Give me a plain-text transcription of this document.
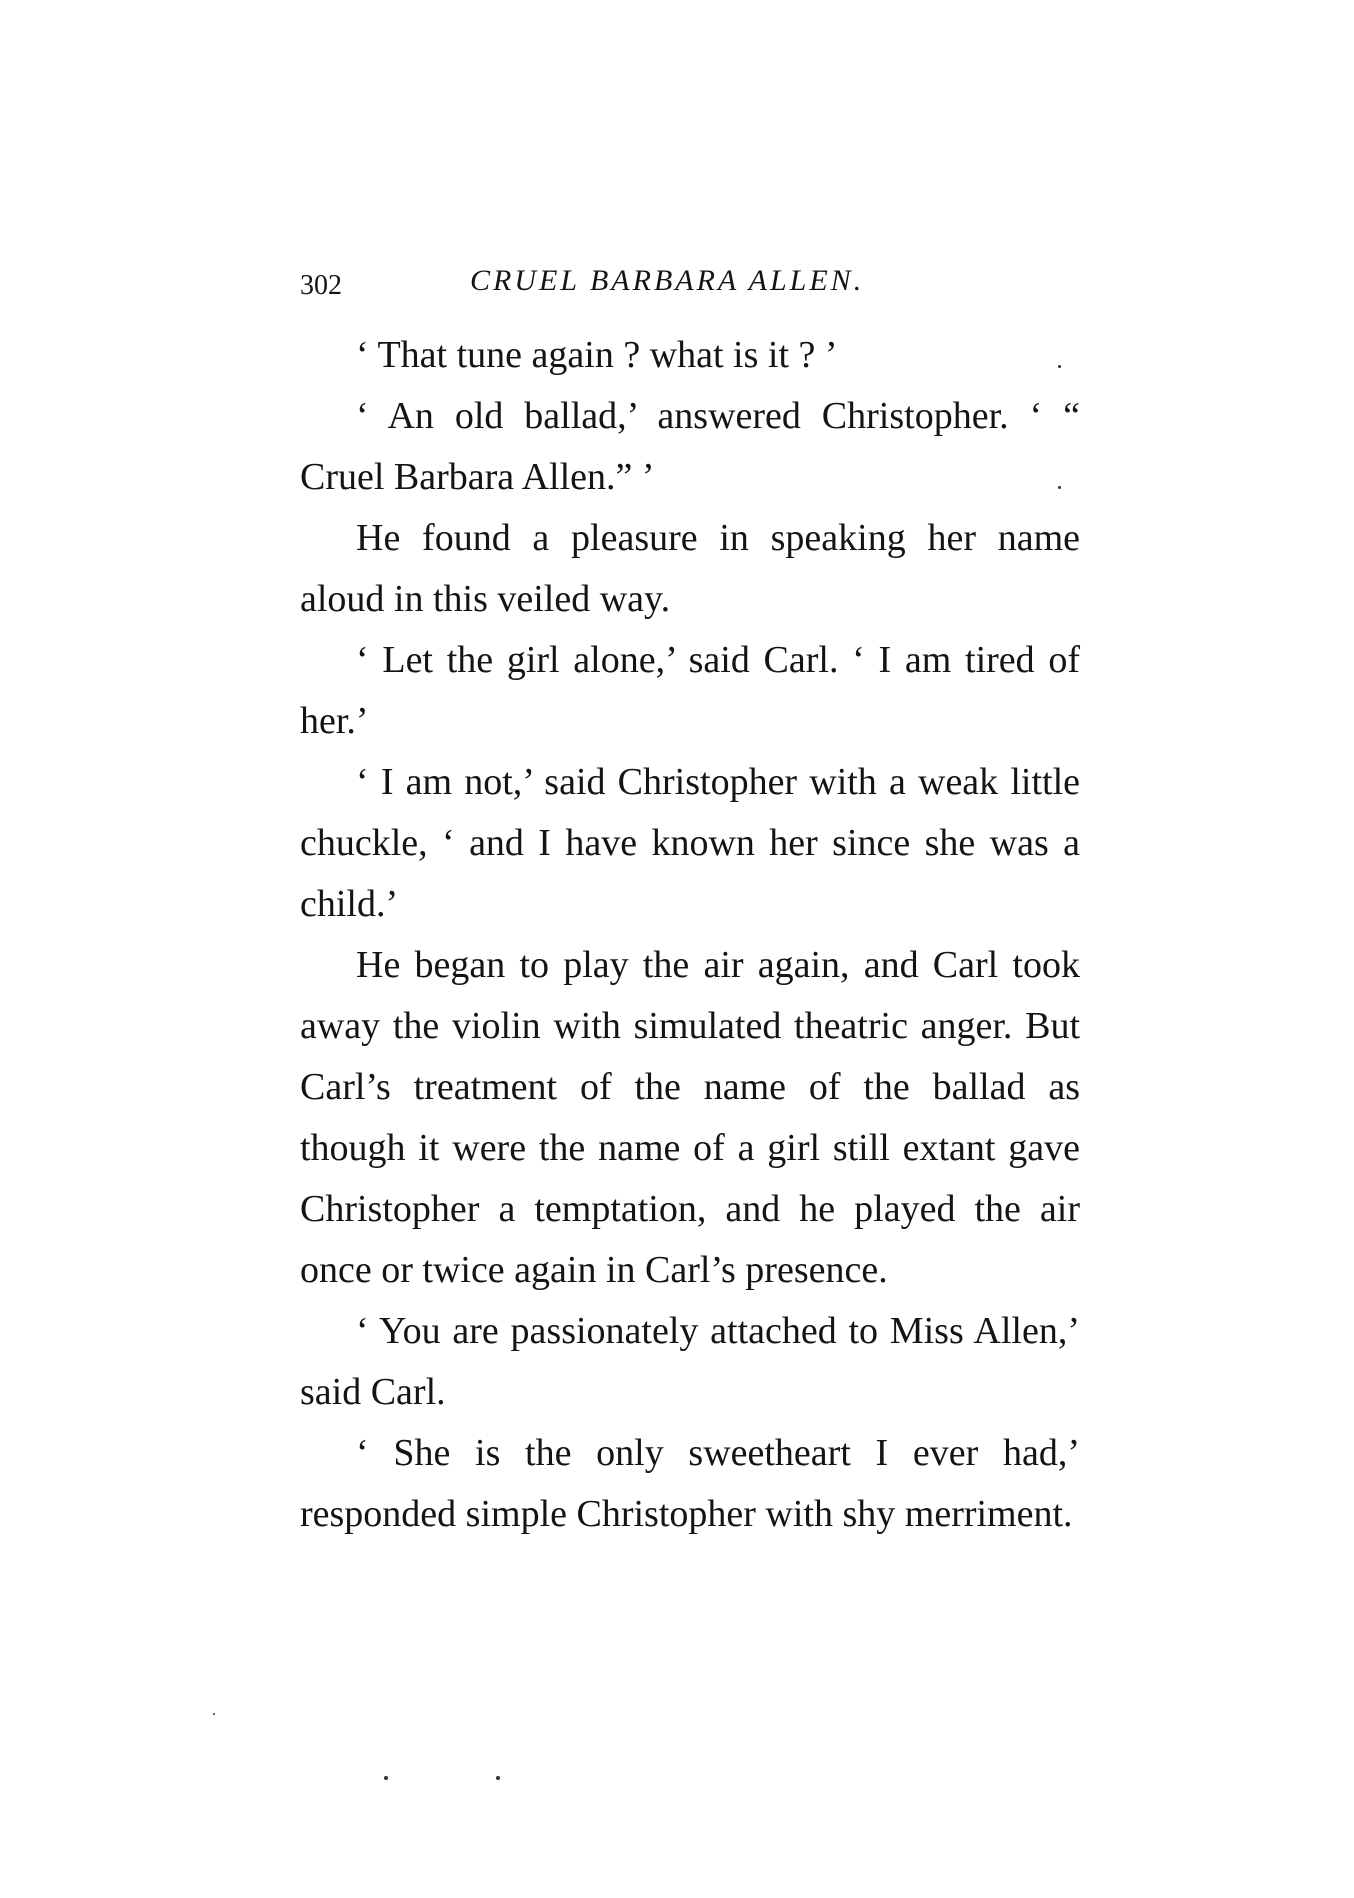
302	CRUEL BARBARA ALLEN.

‘ That tune again ? what is it ? ’

‘ An old ballad,’ answered Christopher. ‘ “ Cruel Barbara Allen.” ’

He found a pleasure in speaking her name aloud in this veiled way.

‘ Let the girl alone,’ said Carl. ‘ I am tired of her.’

‘ I am not,’ said Christopher with a weak little chuckle, ‘ and I have known her since she was a child.’

He began to play the air again, and Carl took away the violin with simulated theatric anger. But Carl’s treatment of the name of the ballad as though it were the name of a girl still extant gave Christopher a temptation, and he played the air once or twice again in Carl’s presence.

‘ You are passionately attached to Miss Allen,’ said Carl.

‘ She is the only sweetheart I ever had,’ responded simple Christopher with shy merriment.
